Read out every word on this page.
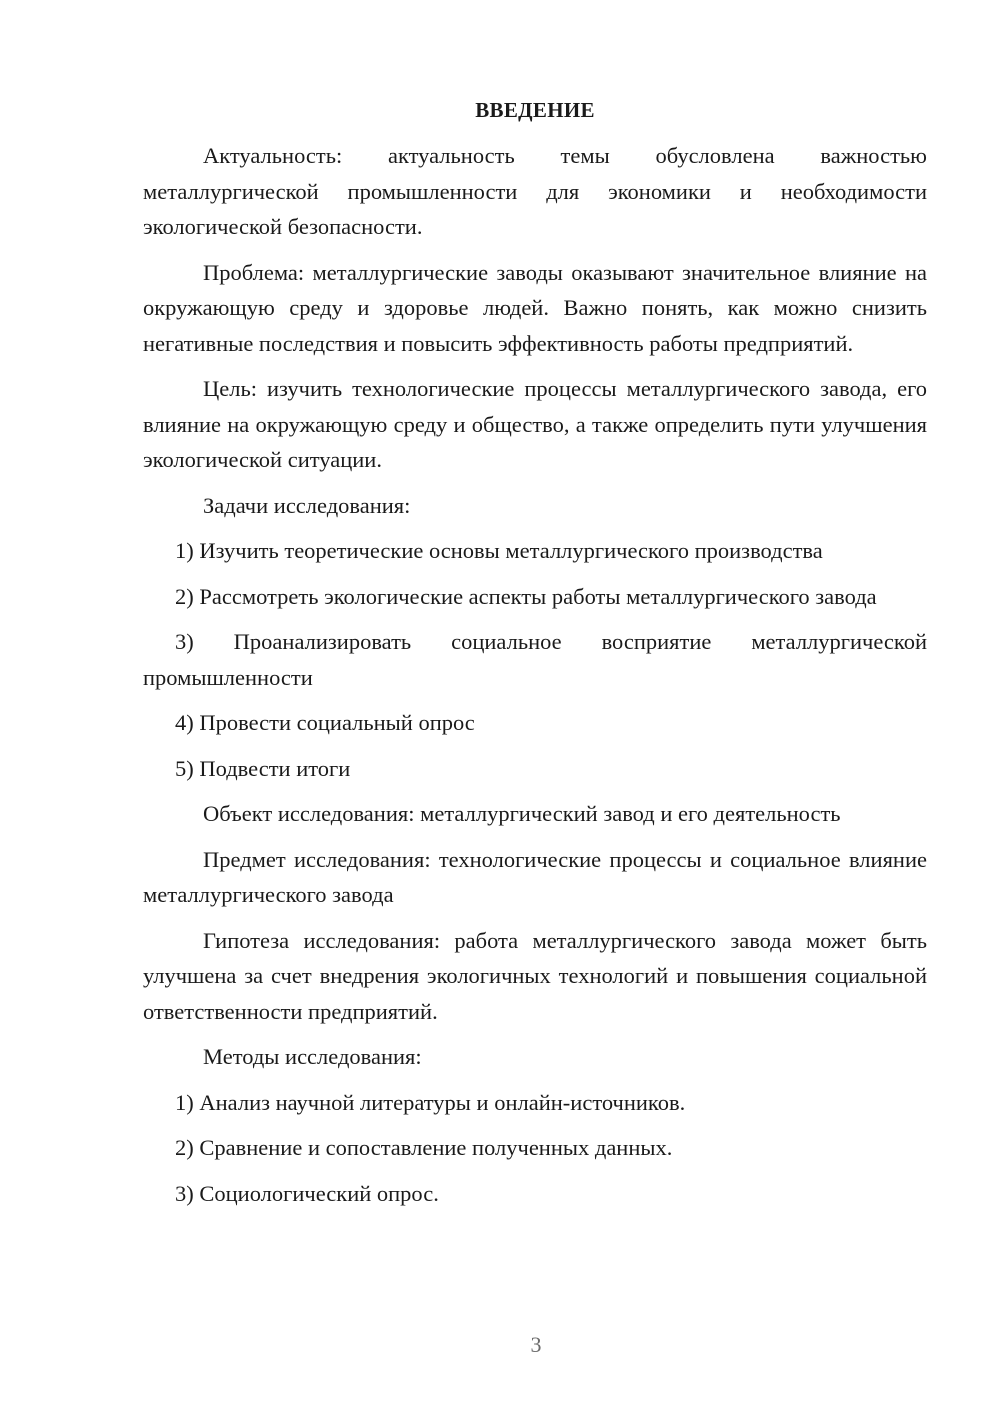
ВВЕДЕНИЕ

Актуальность: актуальность темы обусловлена важностью металлургической промышленности для экономики и необходимости экологической безопасности.

Проблема: металлургические заводы оказывают значительное влияние на окружающую среду и здоровье людей. Важно понять, как можно снизить негативные последствия и повысить эффективность работы предприятий.

Цель: изучить технологические процессы металлургического завода, его влияние на окружающую среду и общество, а также определить пути улучшения экологической ситуации.

Задачи исследования:

1) Изучить теоретические основы металлургического производства

2) Рассмотреть экологические аспекты работы металлургического завода

3) Проанализировать социальное восприятие металлургической промышленности

4) Провести социальный опрос

5) Подвести итоги

Объект исследования: металлургический завод и его деятельность

Предмет исследования: технологические процессы и социальное влияние металлургического завода

Гипотеза исследования: работа металлургического завода может быть улучшена за счет внедрения экологичных технологий и повышения социальной ответственности предприятий.

Методы исследования:

1) Анализ научной литературы и онлайн-источников.

2) Сравнение и сопоставление полученных данных.

3) Социологический опрос.

3
